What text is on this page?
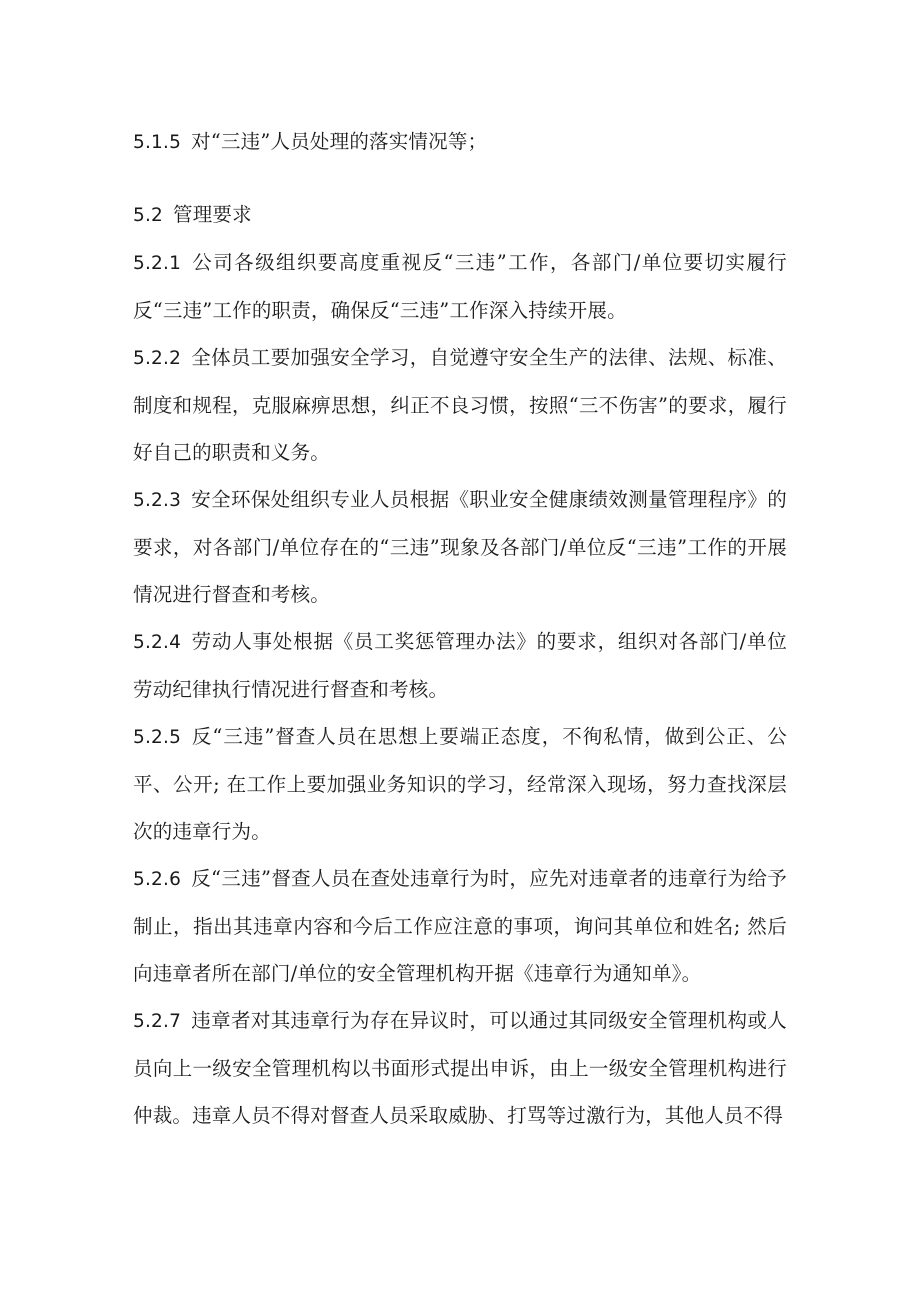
5.1.5 对“三违”人员处理的落实情况等；

5.2 管理要求

5.2.1 公司各级组织要高度重视反“三违”工作，各部门/单位要切实履行反“三违”工作的职责，确保反“三违”工作深入持续开展。

5.2.2 全体员工要加强安全学习，自觉遵守安全生产的法律、法规、标准、制度和规程，克服麻痹思想，纠正不良习惯，按照“三不伤害”的要求，履行好自己的职责和义务。

5.2.3 安全环保处组织专业人员根据《职业安全健康绩效测量管理程序》的要求，对各部门/单位存在的“三违”现象及各部门/单位反“三违”工作的开展情况进行督查和考核。

5.2.4 劳动人事处根据《员工奖惩管理办法》的要求，组织对各部门/单位劳动纪律执行情况进行督查和考核。

5.2.5 反“三违”督查人员在思想上要端正态度，不徇私情，做到公正、公平、公开; 在工作上要加强业务知识的学习，经常深入现场，努力查找深层次的违章行为。

5.2.6 反“三违”督查人员在查处违章行为时，应先对违章者的违章行为给予制止，指出其违章内容和今后工作应注意的事项，询问其单位和姓名; 然后向违章者所在部门/单位的安全管理机构开据《违章行为通知单》。

5.2.7 违章者对其违章行为存在异议时，可以通过其同级安全管理机构或人员向上一级安全管理机构以书面形式提出申诉，由上一级安全管理机构进行仲裁。违章人员不得对督查人员采取威胁、打骂等过激行为，其他人员不得
